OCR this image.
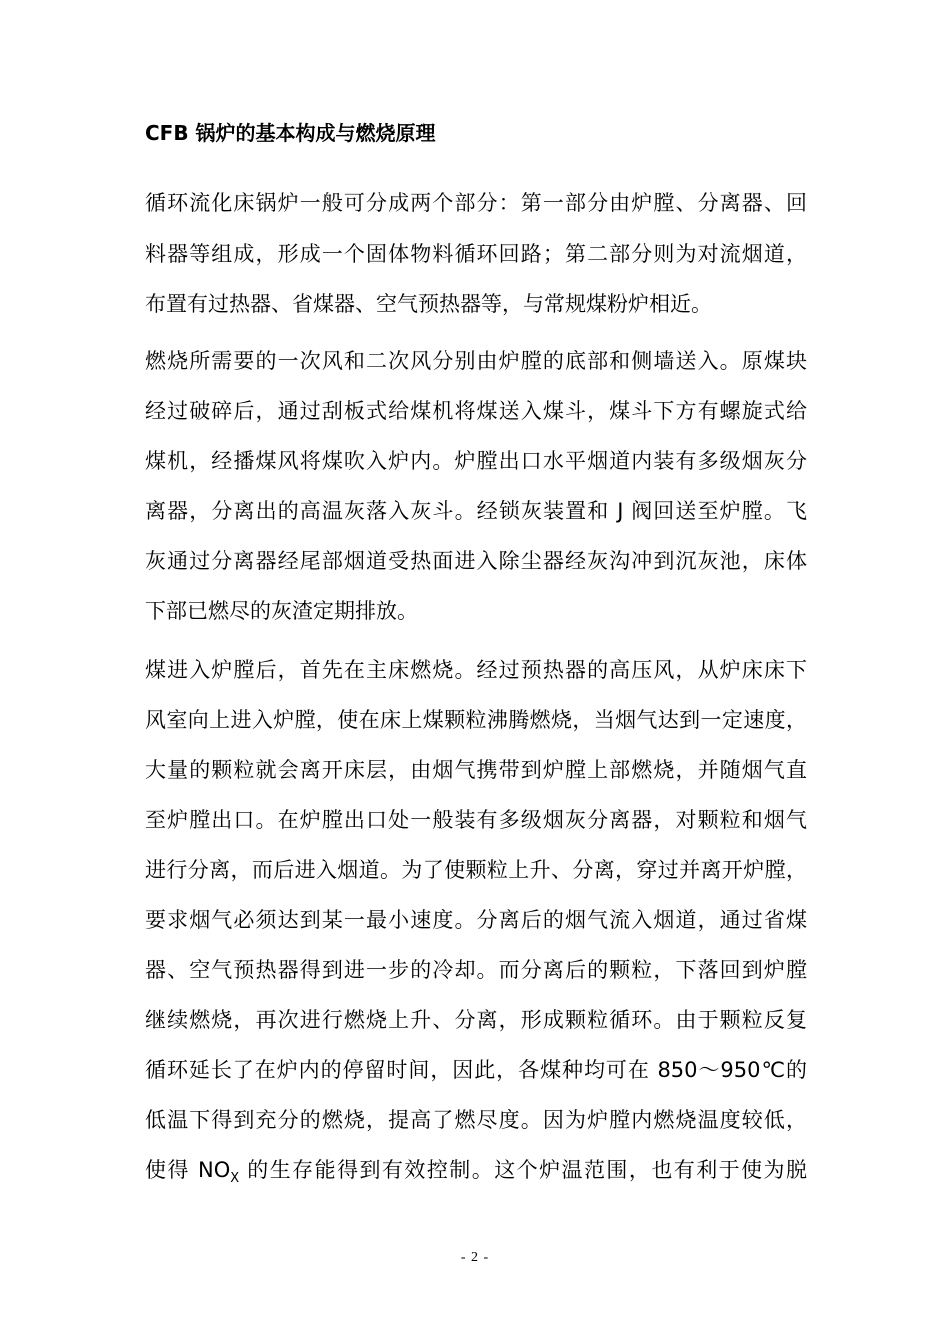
CFB 锅炉的基本构成与燃烧原理
循环流化床锅炉一般可分成两个部分：第一部分由炉膛、分离器、回
料器等组成，形成一个固体物料循环回路；第二部分则为对流烟道，
布置有过热器、省煤器、空气预热器等，与常规煤粉炉相近。
燃烧所需要的一次风和二次风分别由炉膛的底部和侧墙送入。原煤块
经过破碎后，通过刮板式给煤机将煤送入煤斗，煤斗下方有螺旋式给
煤机，经播煤风将煤吹入炉内。炉膛出口水平烟道内装有多级烟灰分
离器，分离出的高温灰落入灰斗。经锁灰装置和 J 阀回送至炉膛。飞
灰通过分离器经尾部烟道受热面进入除尘器经灰沟冲到沉灰池，床体
下部已燃尽的灰渣定期排放。
煤进入炉膛后，首先在主床燃烧。经过预热器的高压风，从炉床床下
风室向上进入炉膛，使在床上煤颗粒沸腾燃烧，当烟气达到一定速度，
大量的颗粒就会离开床层，由烟气携带到炉膛上部燃烧，并随烟气直
至炉膛出口。在炉膛出口处一般装有多级烟灰分离器，对颗粒和烟气
进行分离，而后进入烟道。为了使颗粒上升、分离，穿过并离开炉膛，
要求烟气必须达到某一最小速度。分离后的烟气流入烟道，通过省煤
器、空气预热器得到进一步的冷却。而分离后的颗粒，下落回到炉膛
继续燃烧，再次进行燃烧上升、分离，形成颗粒循环。由于颗粒反复
循环延长了在炉内的停留时间，因此，各煤种均可在 850～950℃的
低温下得到充分的燃烧，提高了燃尽度。因为炉膛内燃烧温度较低，
使得 $NO_X$ 的生存能得到有效控制。这个炉温范围，也有利于使为脱
- 2 -
